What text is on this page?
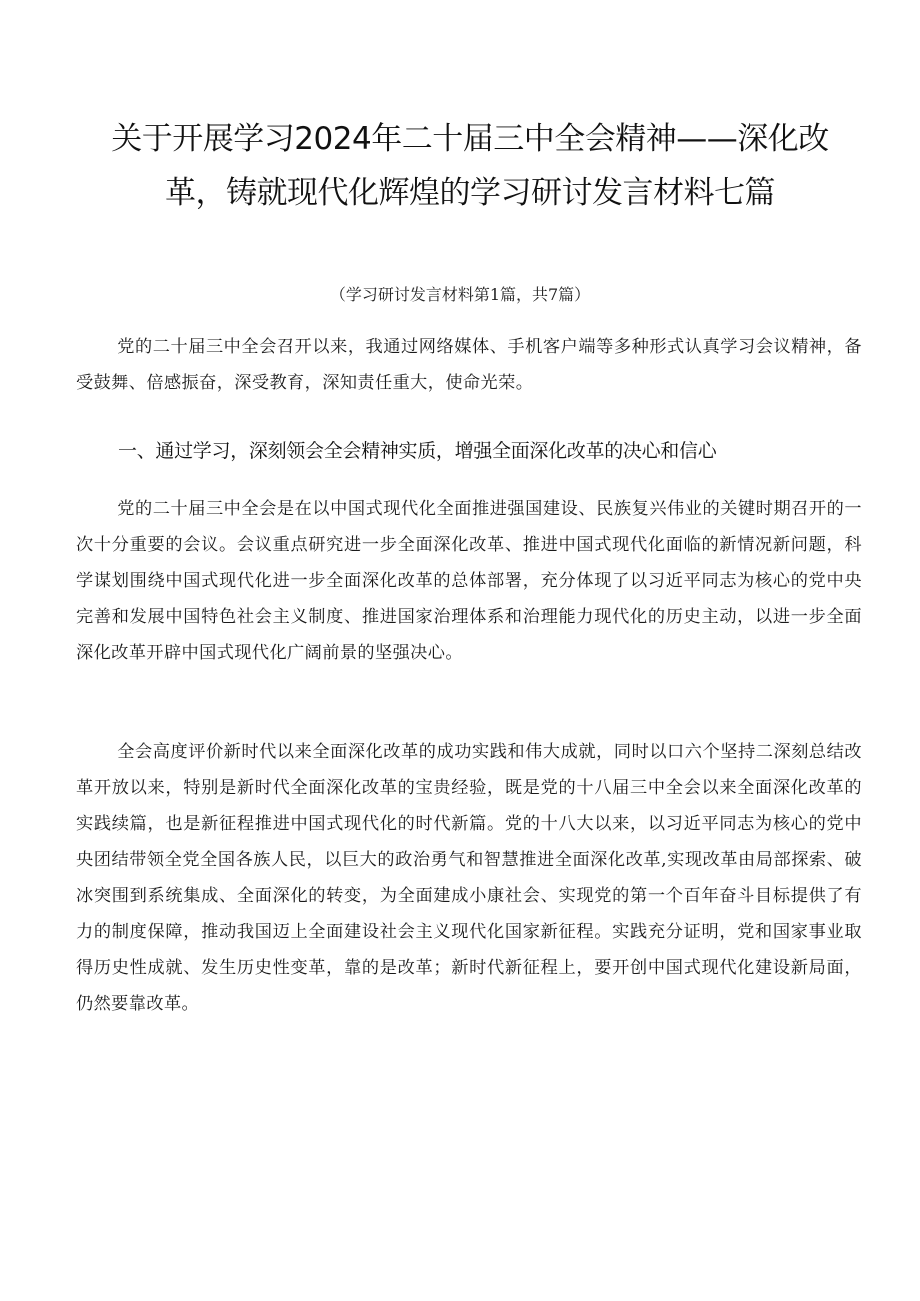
关于开展学习2024年二十届三中全会精神——深化改革，铸就现代化辉煌的学习研讨发言材料七篇
（学习研讨发言材料第1篇，共7篇）

党的二十届三中全会召开以来，我通过网络媒体、手机客户端等多种形式认真学习会议精神，备受鼓舞、倍感振奋，深受教育，深知责任重大，使命光荣。

一、通过学习，深刻领会全会精神实质，增强全面深化改革的决心和信心

党的二十届三中全会是在以中国式现代化全面推进强国建设、民族复兴伟业的关键时期召开的一次十分重要的会议。会议重点研究进一步全面深化改革、推进中国式现代化面临的新情况新问题，科学谋划围绕中国式现代化进一步全面深化改革的总体部署，充分体现了以习近平同志为核心的党中央完善和发展中国特色社会主义制度、推进国家治理体系和治理能力现代化的历史主动，以进一步全面深化改革开辟中国式现代化广阔前景的坚强决心。

全会高度评价新时代以来全面深化改革的成功实践和伟大成就，同时以口六个坚持二深刻总结改革开放以来，特别是新时代全面深化改革的宝贵经验，既是党的十八届三中全会以来全面深化改革的实践续篇，也是新征程推进中国式现代化的时代新篇。党的十八大以来，以习近平同志为核心的党中央团结带领全党全国各族人民，以巨大的政治勇气和智慧推进全面深化改革,实现改革由局部探索、破冰突围到系统集成、全面深化的转变，为全面建成小康社会、实现党的第一个百年奋斗目标提供了有力的制度保障，推动我国迈上全面建设社会主义现代化国家新征程。实践充分证明，党和国家事业取得历史性成就、发生历史性变革，靠的是改革；新时代新征程上，要开创中国式现代化建设新局面，仍然要靠改革。
